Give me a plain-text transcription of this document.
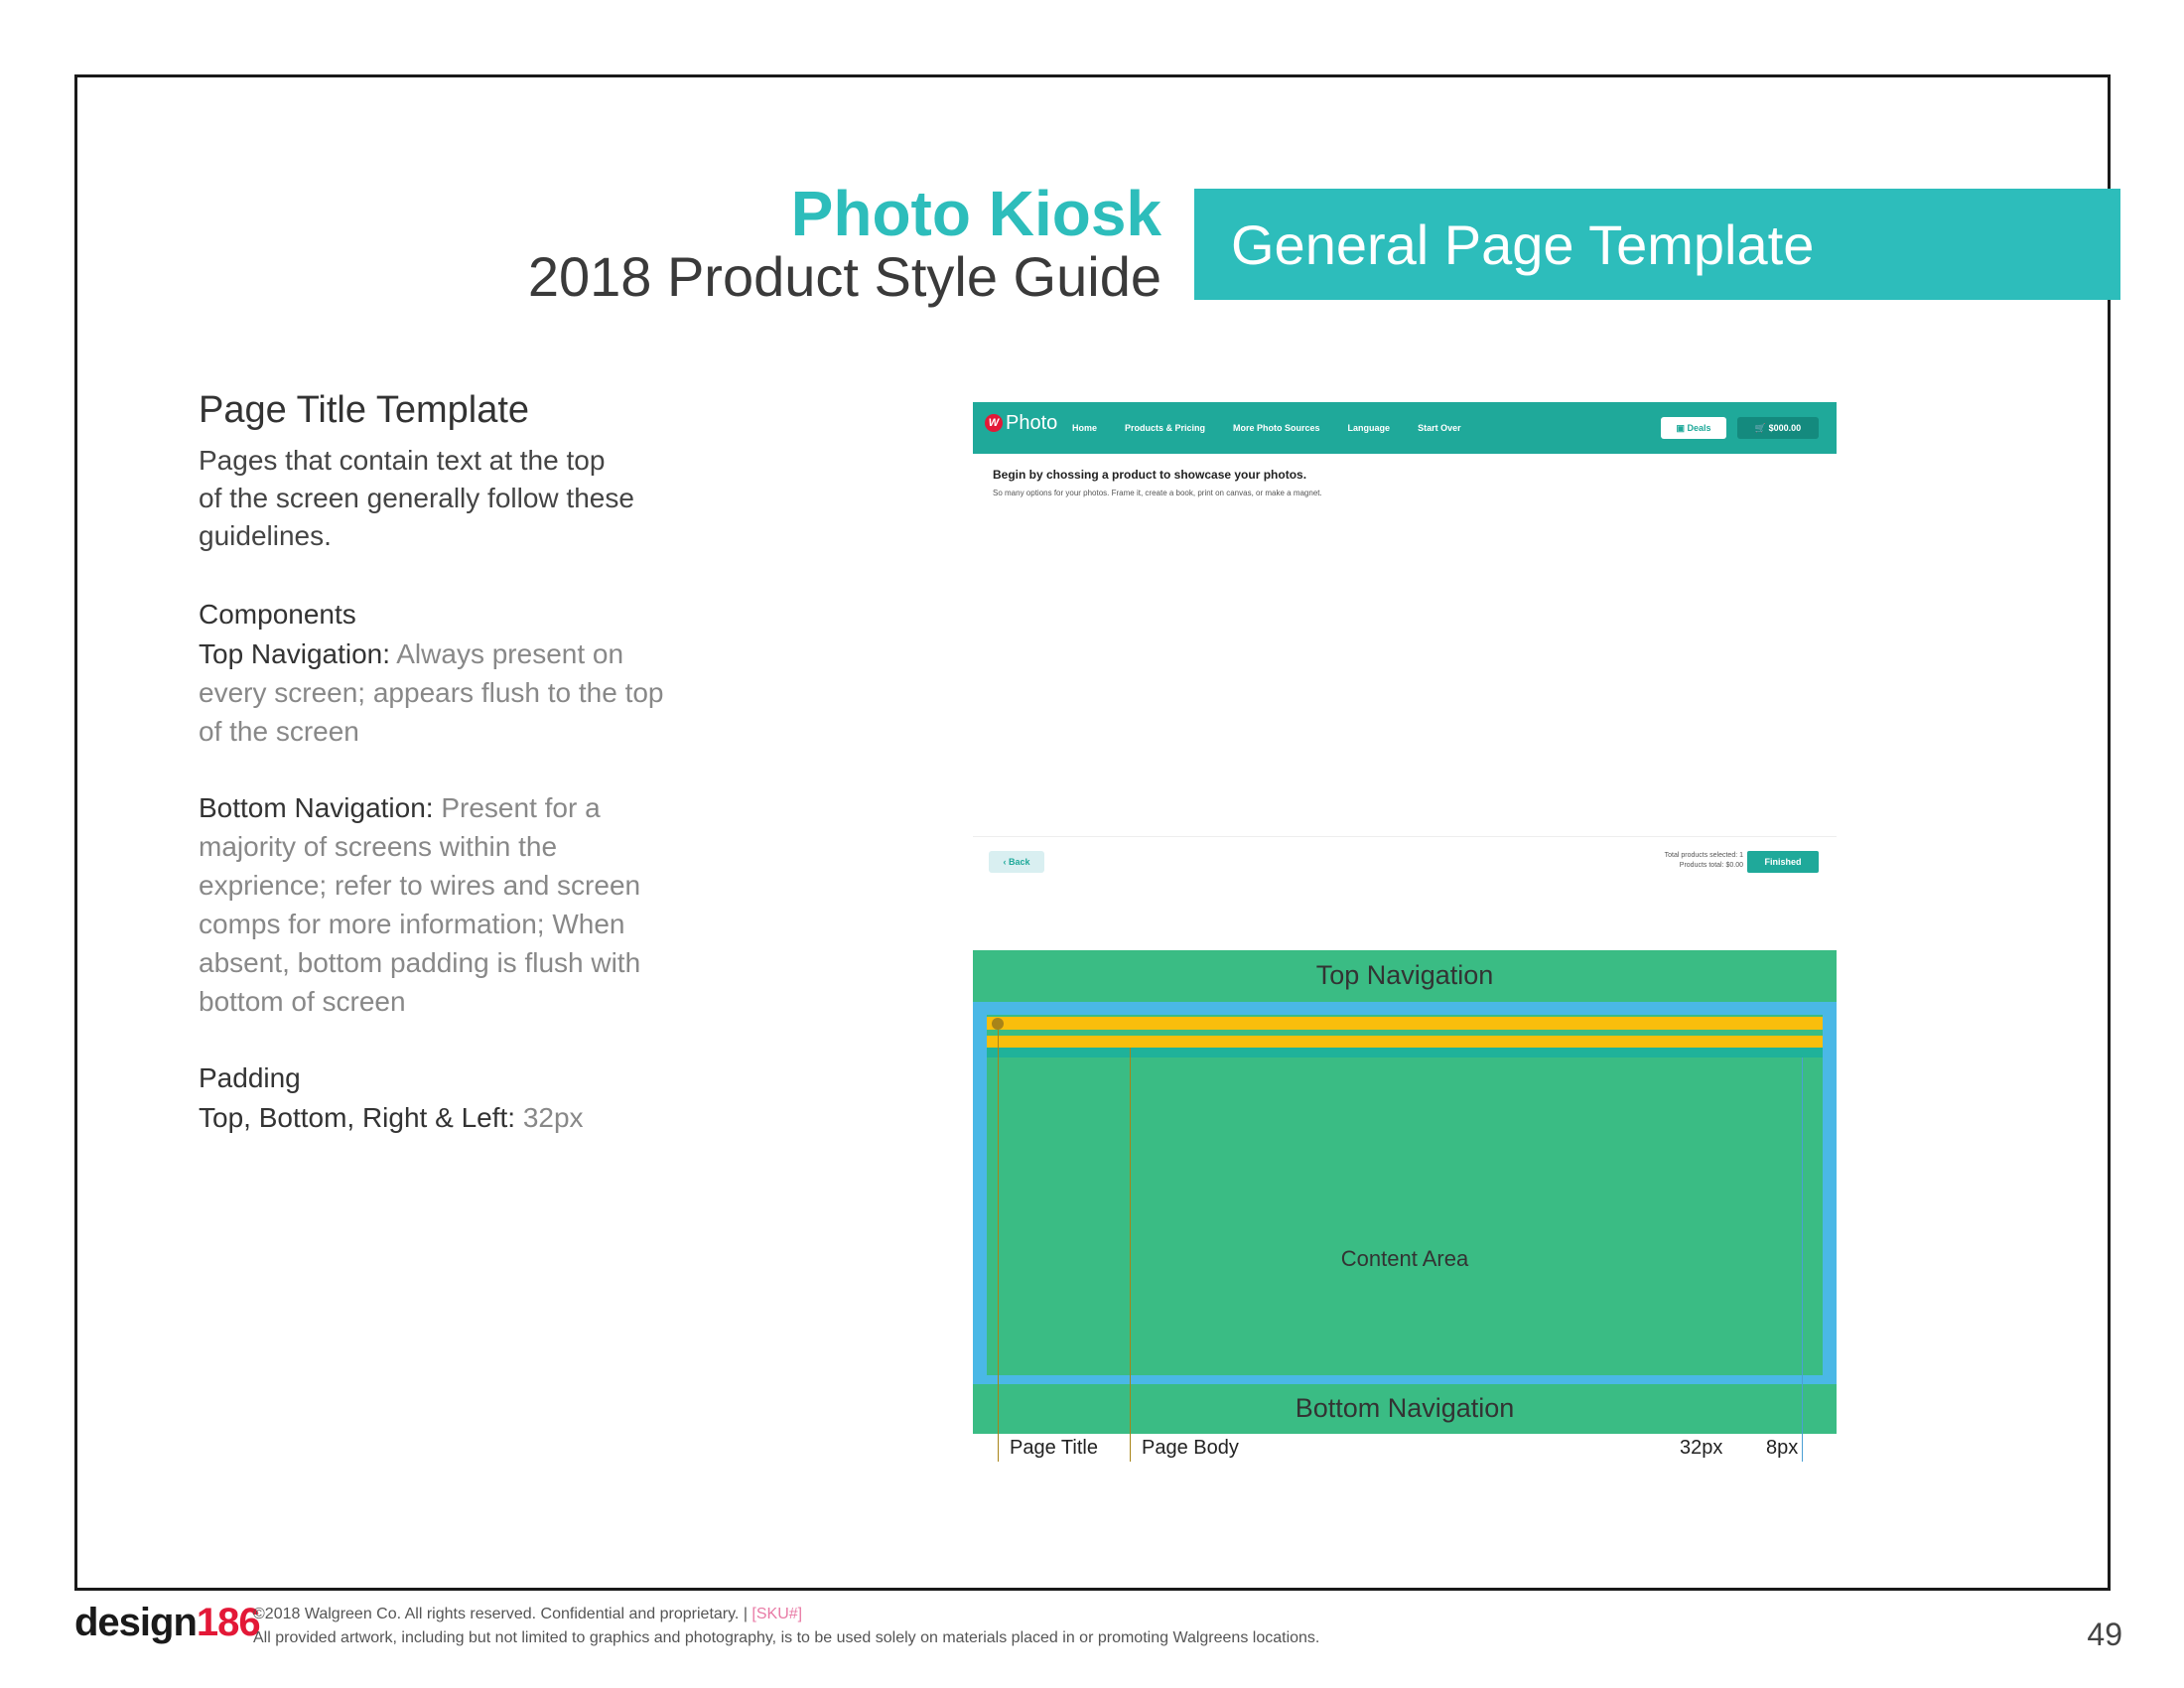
Photo Kiosk
2018 Product Style Guide
General Page Template
Page Title Template

Pages that contain text at the top

of the screen generally follow these

guidelines.

Components

Top Navigation: Always present on every screen; appears flush to the top of the screen

Bottom Navigation: Present for a majority of screens within the exprience; refer to wires and screen comps for more information; When absent, bottom padding is flush with bottom of screen

Padding

Top, Bottom, Right & Left: 32px

W Photo Home	Products & Pricing	More Photo Sources	Language	Start Over	▣ Deals	🛒 $000.00
Begin by chossing a product to showcase your photos.
So many options for your photos. Frame it, create a book, print on canvas, or make a magnet.
‹ Back
Total products selected: 1
Products total: $0.00	Finished
Top Navigation
Content Area
Bottom Navigation
Page Title Page Body	32px 8px
design186
©2018 Walgreen Co. All rights reserved. Confidential and proprietary. | [SKU#]
All provided artwork, including but not limited to graphics and photography, is to be used solely on materials placed in or promoting Walgreens locations.	49
